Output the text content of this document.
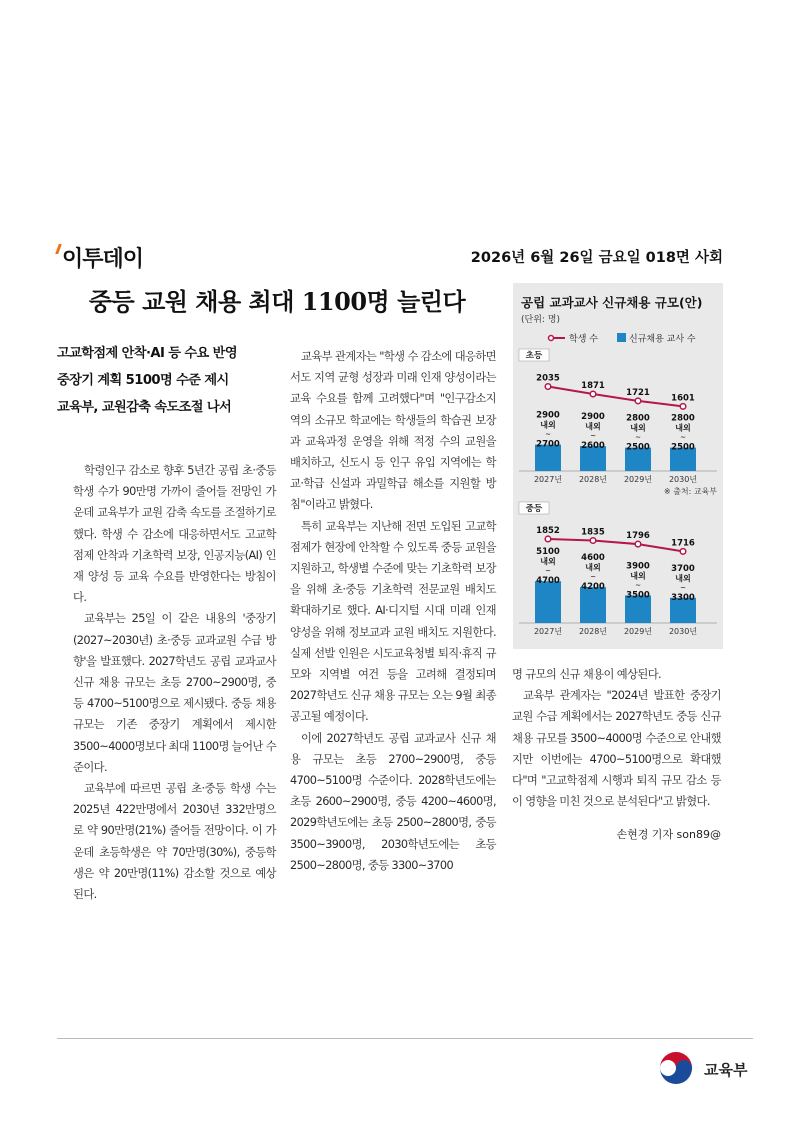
이투데이	2026년 6월 26일 금요일 018면 사회
중등 교원 채용 최대 1100명 늘린다
고교학점제 안착·AI 등 수요 반영
중장기 계획 5100명 수준 제시
교육부, 교원감축 속도조절 나서

학령인구 감소로 향후 5년간 공립 초·중등 학생 수가 90만명 가까이 줄어들 전망인 가운데 교육부가 교원 감축 속도를 조절하기로 했다. 학생 수 감소에 대응하면서도 고교학점제 안착과 기초학력 보장, 인공지능(AI) 인재 양성 등 교육 수요를 반영한다는 방침이다.

교육부는 25일 이 같은 내용의 '중장기(2027~2030년) 초·중등 교과교원 수급 방향'을 발표했다. 2027학년도 공립 교과교사 신규 채용 규모는 초등 2700~2900명, 중등 4700~5100명으로 제시됐다. 중등 채용 규모는 기존 중장기 계획에서 제시한 3500~4000명보다 최대 1100명 늘어난 수준이다.

교육부에 따르면 공립 초·중등 학생 수는 2025년 422만명에서 2030년 332만명으로 약 90만명(21%) 줄어들 전망이다. 이 가운데 초등학생은 약 70만명(30%), 중등학생은 약 20만명(11%) 감소할 것으로 예상된다.

교육부 관계자는 "학생 수 감소에 대응하면서도 지역 균형 성장과 미래 인재 양성이라는 교육 수요를 함께 고려했다"며 "인구감소지역의 소규모 학교에는 학생들의 학습권 보장과 교육과정 운영을 위해 적정 수의 교원을 배치하고, 신도시 등 인구 유입 지역에는 학교·학급 신설과 과밀학급 해소를 지원할 방침"이라고 밝혔다.

특히 교육부는 지난해 전면 도입된 고교학점제가 현장에 안착할 수 있도록 중등 교원을 지원하고, 학생별 수준에 맞는 기초학력 보장을 위해 초·중등 기초학력 전문교원 배치도 확대하기로 했다. AI·디지털 시대 미래 인재 양성을 위해 정보교과 교원 배치도 지원한다. 실제 선발 인원은 시도교육청별 퇴직·휴직 규모와 지역별 여건 등을 고려해 결정되며 2027학년도 신규 채용 규모는 오는 9월 최종 공고될 예정이다.

이에 2027학년도 공립 교과교사 신규 채용 규모는 초등 2700~2900명, 중등 4700~5100명 수준이다. 2028학년도에는 초등 2600~2900명, 중등 4200~4600명, 2029학년도에는 초등 2500~2800명, 중등 3500~3900명, 2030학년도에는 초등 2500~2800명, 중등 3300~3700

공립 교과교사 신규채용 규모(안)
(단위: 명)
학생 수	신규채용 교사 수
초등
2900
내외
~
2700
2900
내외
~
2600
2800
내외
~
2500
2800
내외
~
2500
2035
1871
1721
1601
2027년 2028년 2029년 2030년
중등
5100
내외
~
4700
4600
내외
~
4200
3900
내외
~
3500
3700
내외
~
3300
1852	1835	1796
1716
2027년 2028년 2029년 2030년
※ 출처: 교육부

명 규모의 신규 채용이 예상된다.

교육부 관계자는 "2024년 발표한 중장기 교원 수급 계획에서는 2027학년도 중등 신규 채용 규모를 3500~4000명 수준으로 안내했지만 이번에는 4700~5100명으로 확대했다"며 "고교학점제 시행과 퇴직 규모 감소 등이 영향을 미친 것으로 분석된다"고 밝혔다.

손현경 기자 son89@
교육부
